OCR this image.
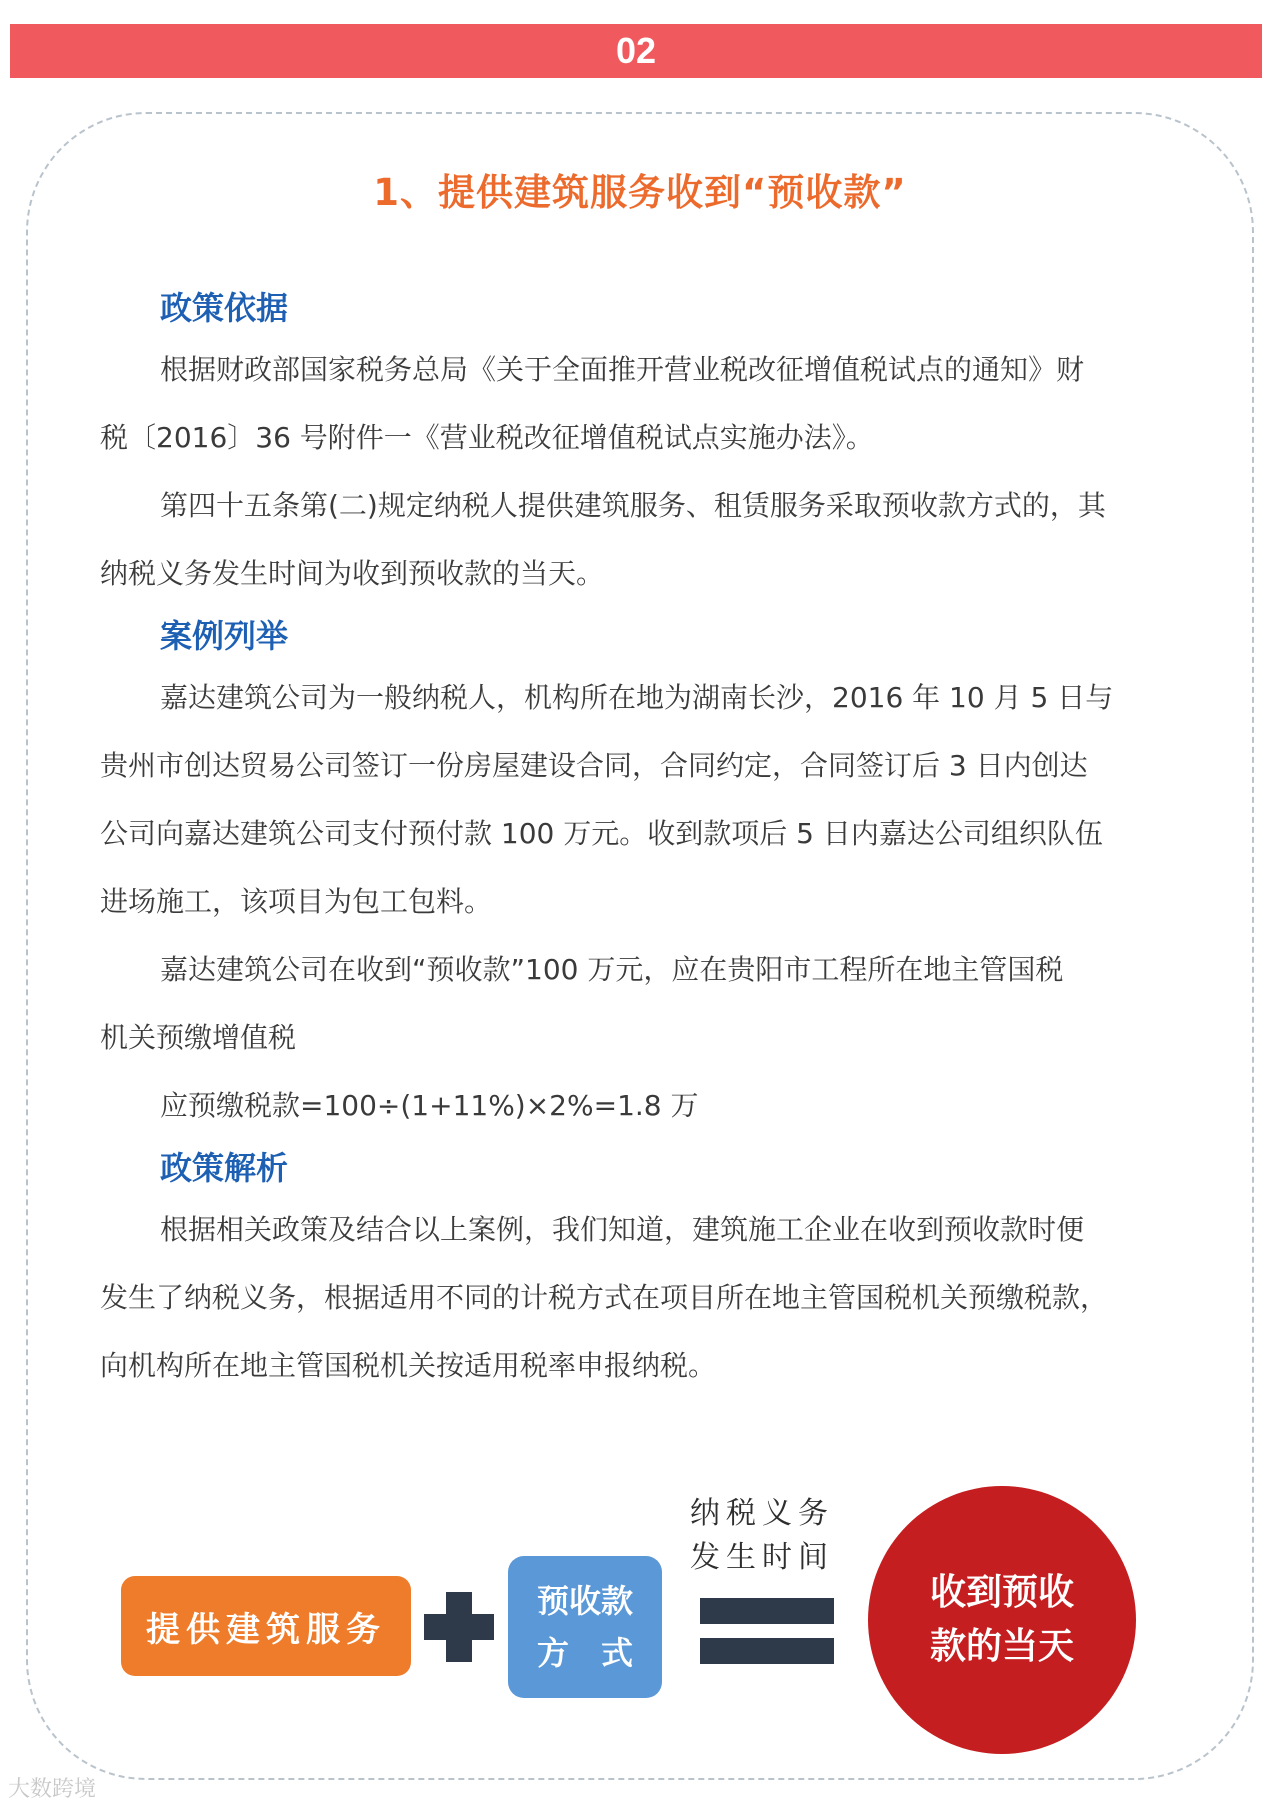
02
1、提供建筑服务收到“预收款”
政策依据

根据财政部国家税务总局《关于全面推开营业税改征增值税试点的通知》财

税〔2016〕36 号附件一《营业税改征增值税试点实施办法》。

第四十五条第(二)规定纳税人提供建筑服务、租赁服务采取预收款方式的，其

纳税义务发生时间为收到预收款的当天。

案例列举

嘉达建筑公司为一般纳税人，机构所在地为湖南长沙，2016 年 10 月 5 日与

贵州市创达贸易公司签订一份房屋建设合同，合同约定，合同签订后 3 日内创达

公司向嘉达建筑公司支付预付款 100 万元。收到款项后 5 日内嘉达公司组织队伍

进场施工，该项目为包工包料。

嘉达建筑公司在收到“预收款”100 万元，应在贵阳市工程所在地主管国税

机关预缴增值税

应预缴税款=100÷(1+11%)×2%=1.8 万

政策解析

根据相关政策及结合以上案例，我们知道，建筑施工企业在收到预收款时便

发生了纳税义务，根据适用不同的计税方式在项目所在地主管国税机关预缴税款，

向机构所在地主管国税机关按适用税率申报纳税。

提供建筑服务
预收款
方　式
纳税义务
发生时间
收到预收
款的当天
大数跨境
